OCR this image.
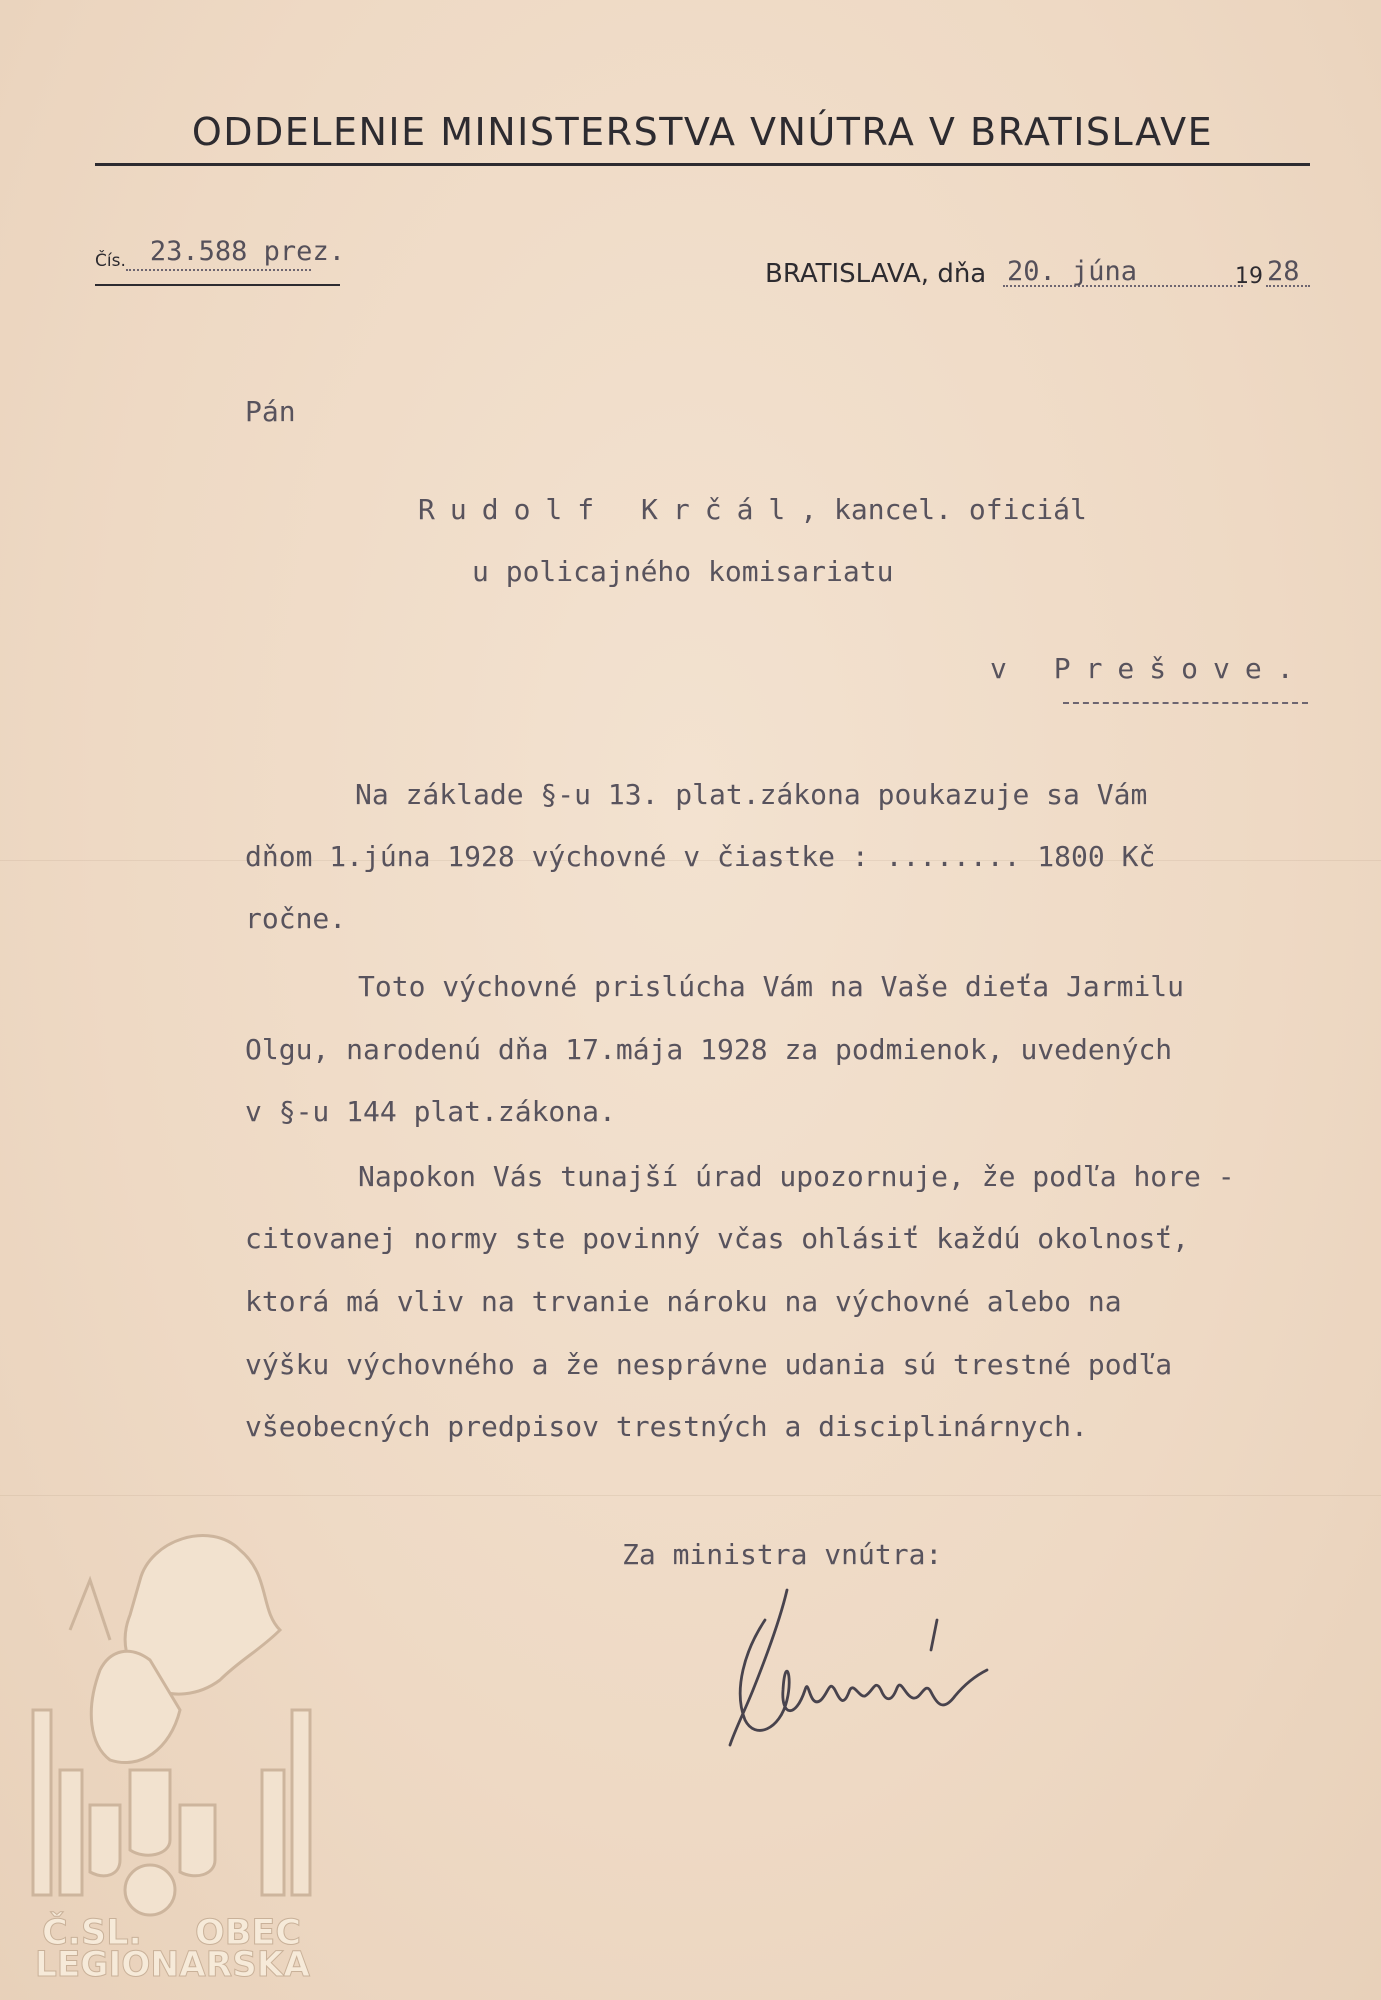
ODDELENIE MINISTERSTVA VNÚTRA V BRATISLAVE
Čís. 23.588 prez.
BRATISLAVA, dňa 20. júna	19 28
Pán
Rudolf Krčál, kancel. oficiál
u policajného komisariatu
v Prešove.
Na základe §-u 13. plat.zákona poukazuje sa Vám
dňom 1.júna 1928 výchovné v čiastke : ........ 1800 Kč
ročne.
Toto výchovné prislúcha Vám na Vaše dieťa Jarmilu
Olgu, narodenú dňa 17.mája 1928 za podmienok, uvedených
v §-u 144 plat.zákona.
Napokon Vás tunajší úrad upozornuje, že podľa hore -
citovanej normy ste povinný včas ohlásiť každú okolnosť,
ktorá má vliv na trvanie nároku na výchovné alebo na
výšku výchovného a že nesprávne udania sú trestné podľa
všeobecných predpisov trestných a disciplinárnych.
Za ministra vnútra:
Č.SL. OBEC
LEGIONARSKA
